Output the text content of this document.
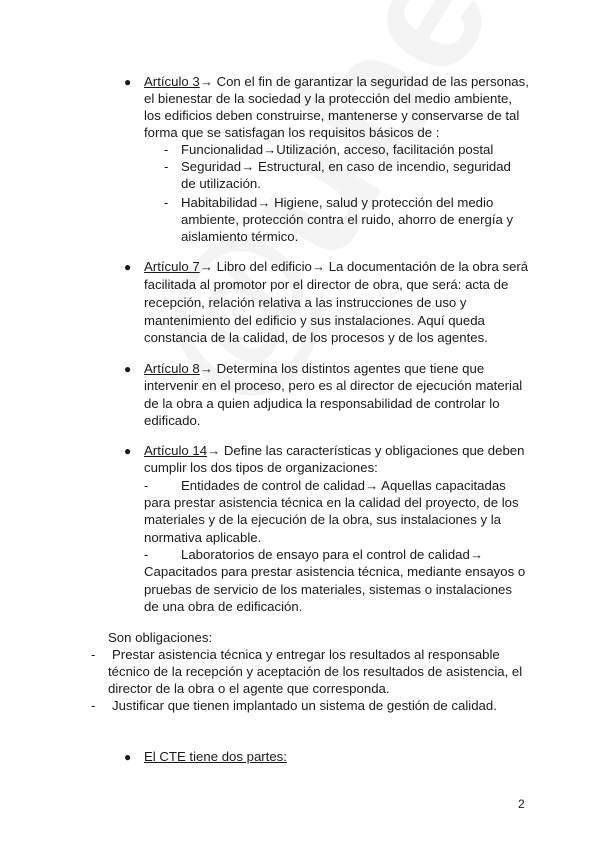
● Artículo 3→ Con el fin de garantizar la seguridad de las personas,
el bienestar de la sociedad y la protección del medio ambiente,
los edificios deben construirse, mantenerse y conservarse de tal
forma que se satisfagan los requisitos básicos de :
- Funcionalidad→Utilización, acceso, facilitación postal
- Seguridad→ Estructural, en caso de incendio, seguridad
de utilización.
- Habitabilidad→ Higiene, salud y protección del medio
ambiente, protección contra el ruido, ahorro de energía y
aislamiento térmico.
● Artículo 7→ Libro del edificio→ La documentación de la obra será
facilitada al promotor por el director de obra, que será: acta de
recepción, relación relativa a las instrucciones de uso y
mantenimiento del edificio y sus instalaciones. Aquí queda
constancia de la calidad, de los procesos y de los agentes.
● Artículo 8→ Determina los distintos agentes que tiene que
intervenir en el proceso, pero es al director de ejecución material
de la obra a quien adjudica la responsabilidad de controlar lo
edificado.
● Artículo 14→ Define las características y obligaciones que deben
cumplir los dos tipos de organizaciones:
- Entidades de control de calidad→ Aquellas capacitadas
para prestar asistencia técnica en la calidad del proyecto, de los
materiales y de la ejecución de la obra, sus instalaciones y la
normativa aplicable.
- Laboratorios de ensayo para el control de calidad→
Capacitados para prestar asistencia técnica, mediante ensayos o
pruebas de servicio de los materiales, sistemas o instalaciones
de una obra de edificación.
Son obligaciones:
- Prestar asistencia técnica y entregar los resultados al responsable
técnico de la recepción y aceptación de los resultados de asistencia, el
director de la obra o el agente que corresponda.
- Justificar que tienen implantado un sistema de gestión de calidad.
● El CTE tiene dos partes:
2
